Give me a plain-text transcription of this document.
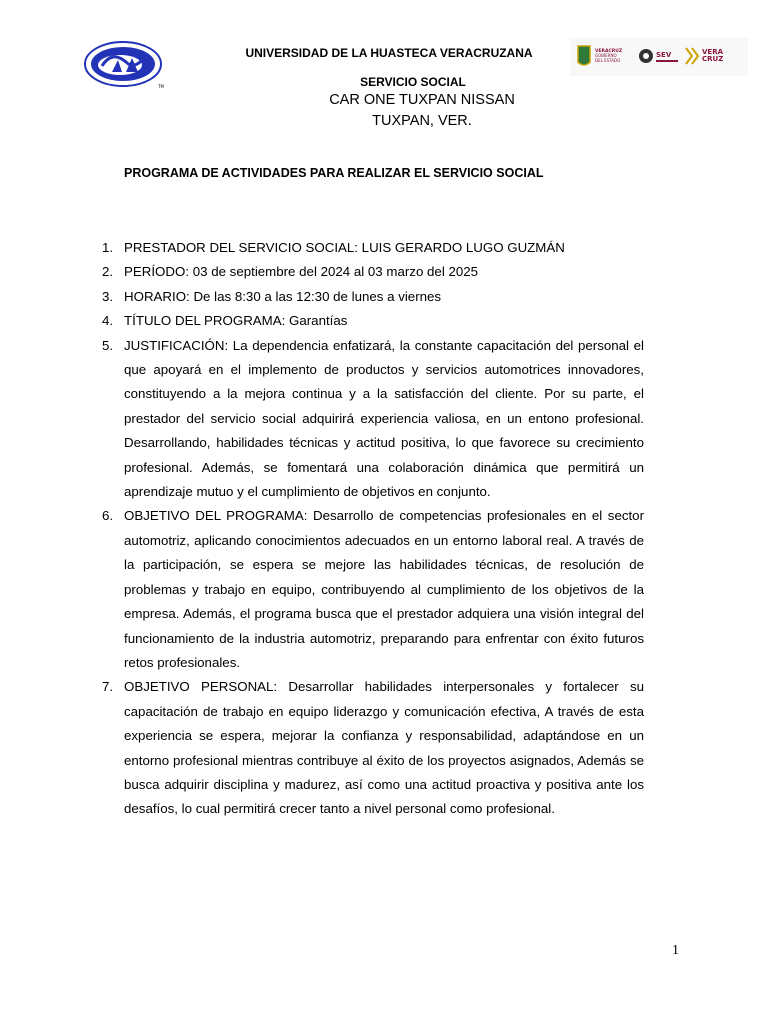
TM
VERACRUZ
GOBIERNO
DEL ESTADO
SEV	VERA
CRUZ
UNIVERSIDAD DE LA HUASTECA VERACRUZANA
SERVICIO SOCIAL
CAR ONE TUXPAN NISSAN
TUXPAN, VER.
PROGRAMA DE ACTIVIDADES PARA REALIZAR EL SERVICIO SOCIAL
1. PRESTADOR DEL SERVICIO SOCIAL: LUIS GERARDO LUGO GUZMÁN
2. PERÍODO: 03 de septiembre del 2024 al 03 marzo del 2025
3. HORARIO: De las 8:30 a las 12:30 de lunes a viernes
4. TÍTULO DEL PROGRAMA: Garantías
5. JUSTIFICACIÓN: La dependencia enfatizará, la constante capacitación del personal el que apoyará en el implemento de productos y servicios automotrices innovadores, constituyendo a la mejora continua y a la satisfacción del cliente. Por su parte, el prestador del servicio social adquirirá experiencia valiosa, en un entono profesional. Desarrollando, habilidades técnicas y actitud positiva, lo que favorece su crecimiento profesional. Además, se fomentará una colaboración dinámica que permitirá un aprendizaje mutuo y el cumplimiento de objetivos en conjunto.
6. OBJETIVO DEL PROGRAMA: Desarrollo de competencias profesionales en el sector automotriz, aplicando conocimientos adecuados en un entorno laboral real. A través de la participación, se espera se mejore las habilidades técnicas, de resolución de problemas y trabajo en equipo, contribuyendo al cumplimiento de los objetivos de la empresa. Además, el programa busca que el prestador adquiera una visión integral del funcionamiento de la industria automotriz, preparando para enfrentar con éxito futuros retos profesionales.
7. OBJETIVO PERSONAL: Desarrollar habilidades interpersonales y fortalecer su capacitación de trabajo en equipo liderazgo y comunicación efectiva, A través de esta experiencia se espera, mejorar la confianza y responsabilidad, adaptándose en un entorno profesional mientras contribuye al éxito de los proyectos asignados, Además se busca adquirir disciplina y madurez, así como una actitud proactiva y positiva ante los desafíos, lo cual permitirá crecer tanto a nivel personal como profesional.
1
